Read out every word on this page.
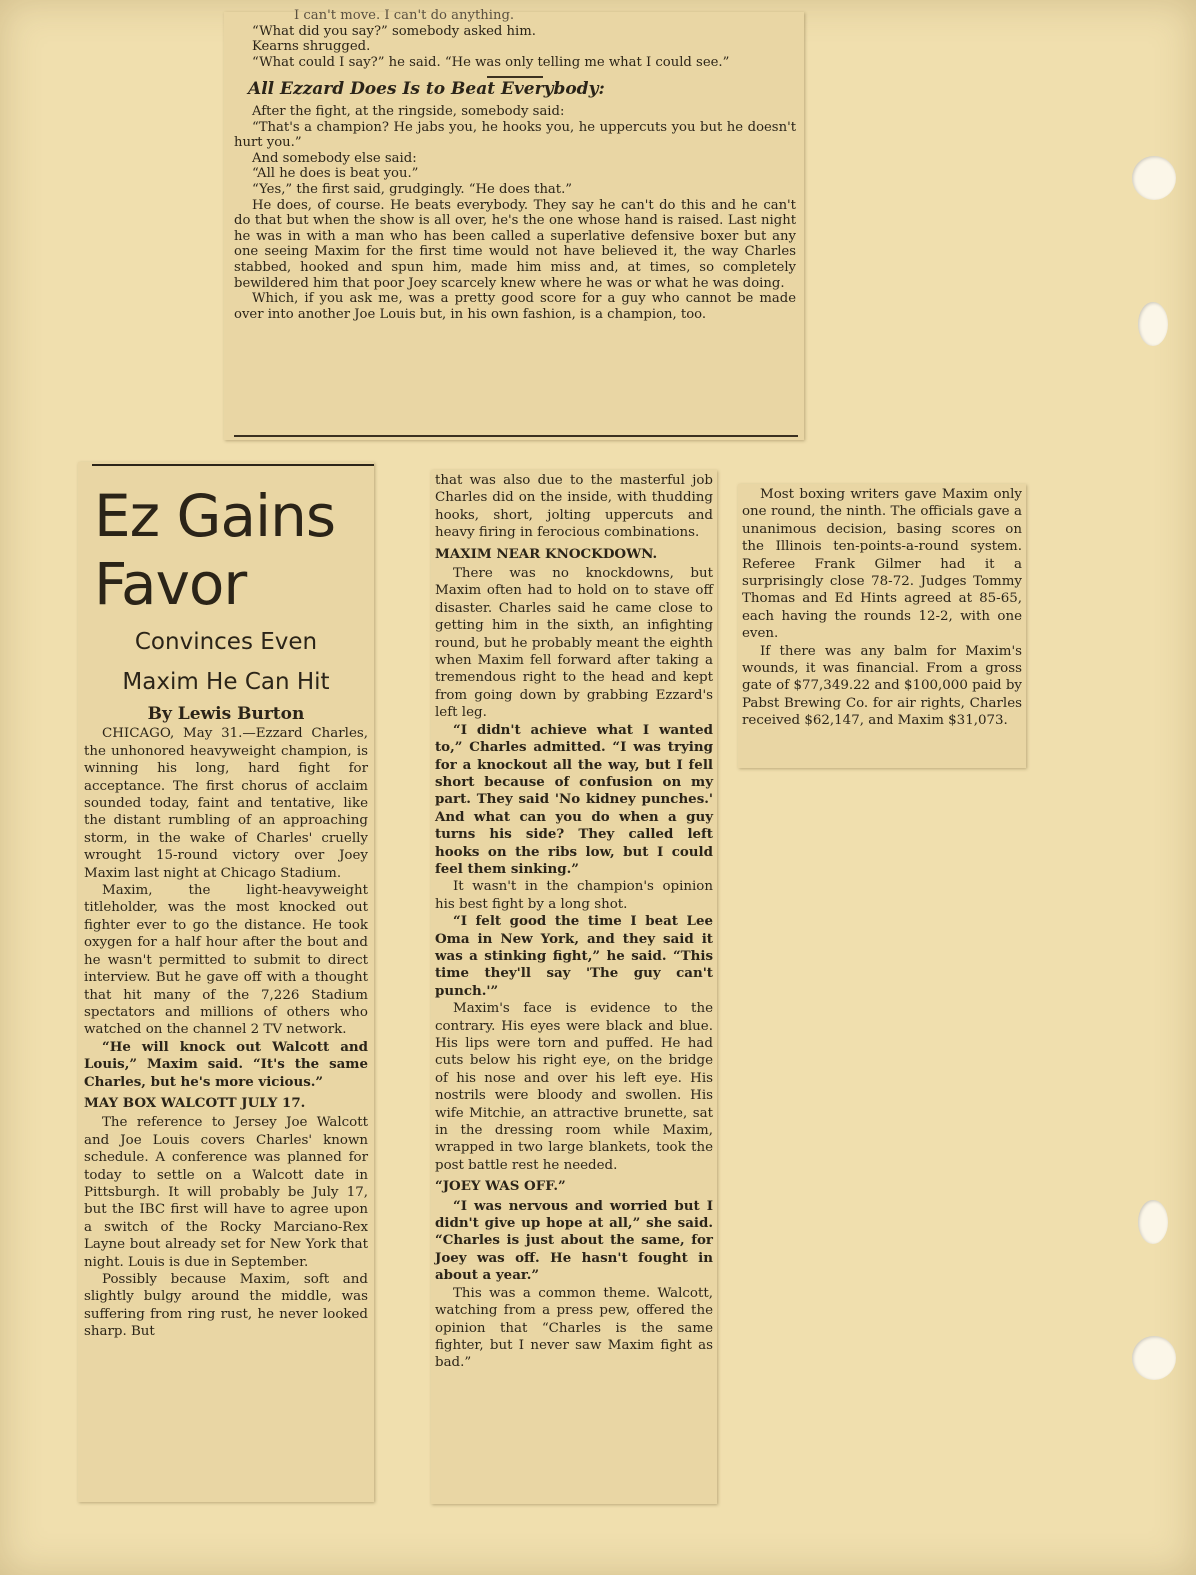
I can't move. I can't do anything.

“What did you say?” somebody asked him.

Kearns shrugged.

“What could I say?” he said. “He was only telling me what I could see.”

All Ezzard Does Is to Beat Everybody:

After the fight, at the ringside, somebody said:

“That's a champion? He jabs you, he hooks you, he uppercuts you but he doesn't hurt you.”

And somebody else said:

“All he does is beat you.”

“Yes,” the first said, grudgingly. “He does that.”

He does, of course. He beats everybody. They say he can't do this and he can't do that but when the show is all over, he's the one whose hand is raised. Last night he was in with a man who has been called a superlative defensive boxer but any one seeing Maxim for the first time would not have believed it, the way Charles stabbed, hooked and spun him, made him miss and, at times, so completely bewildered him that poor Joey scarcely knew where he was or what he was doing.

Which, if you ask me, was a pretty good score for a guy who cannot be made over into another Joe Louis but, in his own fashion, is a champion, too.

Ez Gains
Favor
Convinces Even
Maxim He Can Hit
By Lewis Burton

CHICAGO, May 31.—Ezzard Charles, the unhonored heavyweight champion, is winning his long, hard fight for acceptance. The first chorus of acclaim sounded today, faint and tentative, like the distant rumbling of an approaching storm, in the wake of Charles' cruelly wrought 15-round victory over Joey Maxim last night at Chicago Stadium.

Maxim, the light-heavyweight titleholder, was the most knocked out fighter ever to go the distance. He took oxygen for a half hour after the bout and he wasn't permitted to submit to direct interview. But he gave off with a thought that hit many of the 7,226 Stadium spectators and millions of others who watched on the channel 2 TV network.

“He will knock out Walcott and Louis,” Maxim said. “It's the same Charles, but he's more vicious.”

MAY BOX WALCOTT JULY 17.

The reference to Jersey Joe Walcott and Joe Louis covers Charles' known schedule. A conference was planned for today to settle on a Walcott date in Pittsburgh. It will probably be July 17, but the IBC first will have to agree upon a switch of the Rocky Marciano-Rex Layne bout already set for New York that night. Louis is due in September.

Possibly because Maxim, soft and slightly bulgy around the middle, was suffering from ring rust, he never looked sharp. But

that was also due to the masterful job Charles did on the inside, with thudding hooks, short, jolting uppercuts and heavy firing in ferocious combinations.

MAXIM NEAR KNOCKDOWN.

There was no knockdowns, but Maxim often had to hold on to stave off disaster. Charles said he came close to getting him in the sixth, an infighting round, but he probably meant the eighth when Maxim fell forward after taking a tremendous right to the head and kept from going down by grabbing Ezzard's left leg.

“I didn't achieve what I wanted to,” Charles admitted. “I was trying for a knockout all the way, but I fell short because of confusion on my part. They said 'No kidney punches.' And what can you do when a guy turns his side? They called left hooks on the ribs low, but I could feel them sinking.”

It wasn't in the champion's opinion his best fight by a long shot.

“I felt good the time I beat Lee Oma in New York, and they said it was a stinking fight,” he said. “This time they'll say 'The guy can't punch.'”

Maxim's face is evidence to the contrary. His eyes were black and blue. His lips were torn and puffed. He had cuts below his right eye, on the bridge of his nose and over his left eye. His nostrils were bloody and swollen. His wife Mitchie, an attractive brunette, sat in the dressing room while Maxim, wrapped in two large blankets, took the post battle rest he needed.

“JOEY WAS OFF.”

“I was nervous and worried but I didn't give up hope at all,” she said. “Charles is just about the same, for Joey was off. He hasn't fought in about a year.”

This was a common theme. Walcott, watching from a press pew, offered the opinion that “Charles is the same fighter, but I never saw Maxim fight as bad.”

Most boxing writers gave Maxim only one round, the ninth. The officials gave a unanimous decision, basing scores on the Illinois ten-points-a-round system. Referee Frank Gilmer had it a surprisingly close 78-72. Judges Tommy Thomas and Ed Hints agreed at 85-65, each having the rounds 12-2, with one even.

If there was any balm for Maxim's wounds, it was financial. From a gross gate of $77,349.22 and $100,000 paid by Pabst Brewing Co. for air rights, Charles received $62,147, and Maxim $31,073.
